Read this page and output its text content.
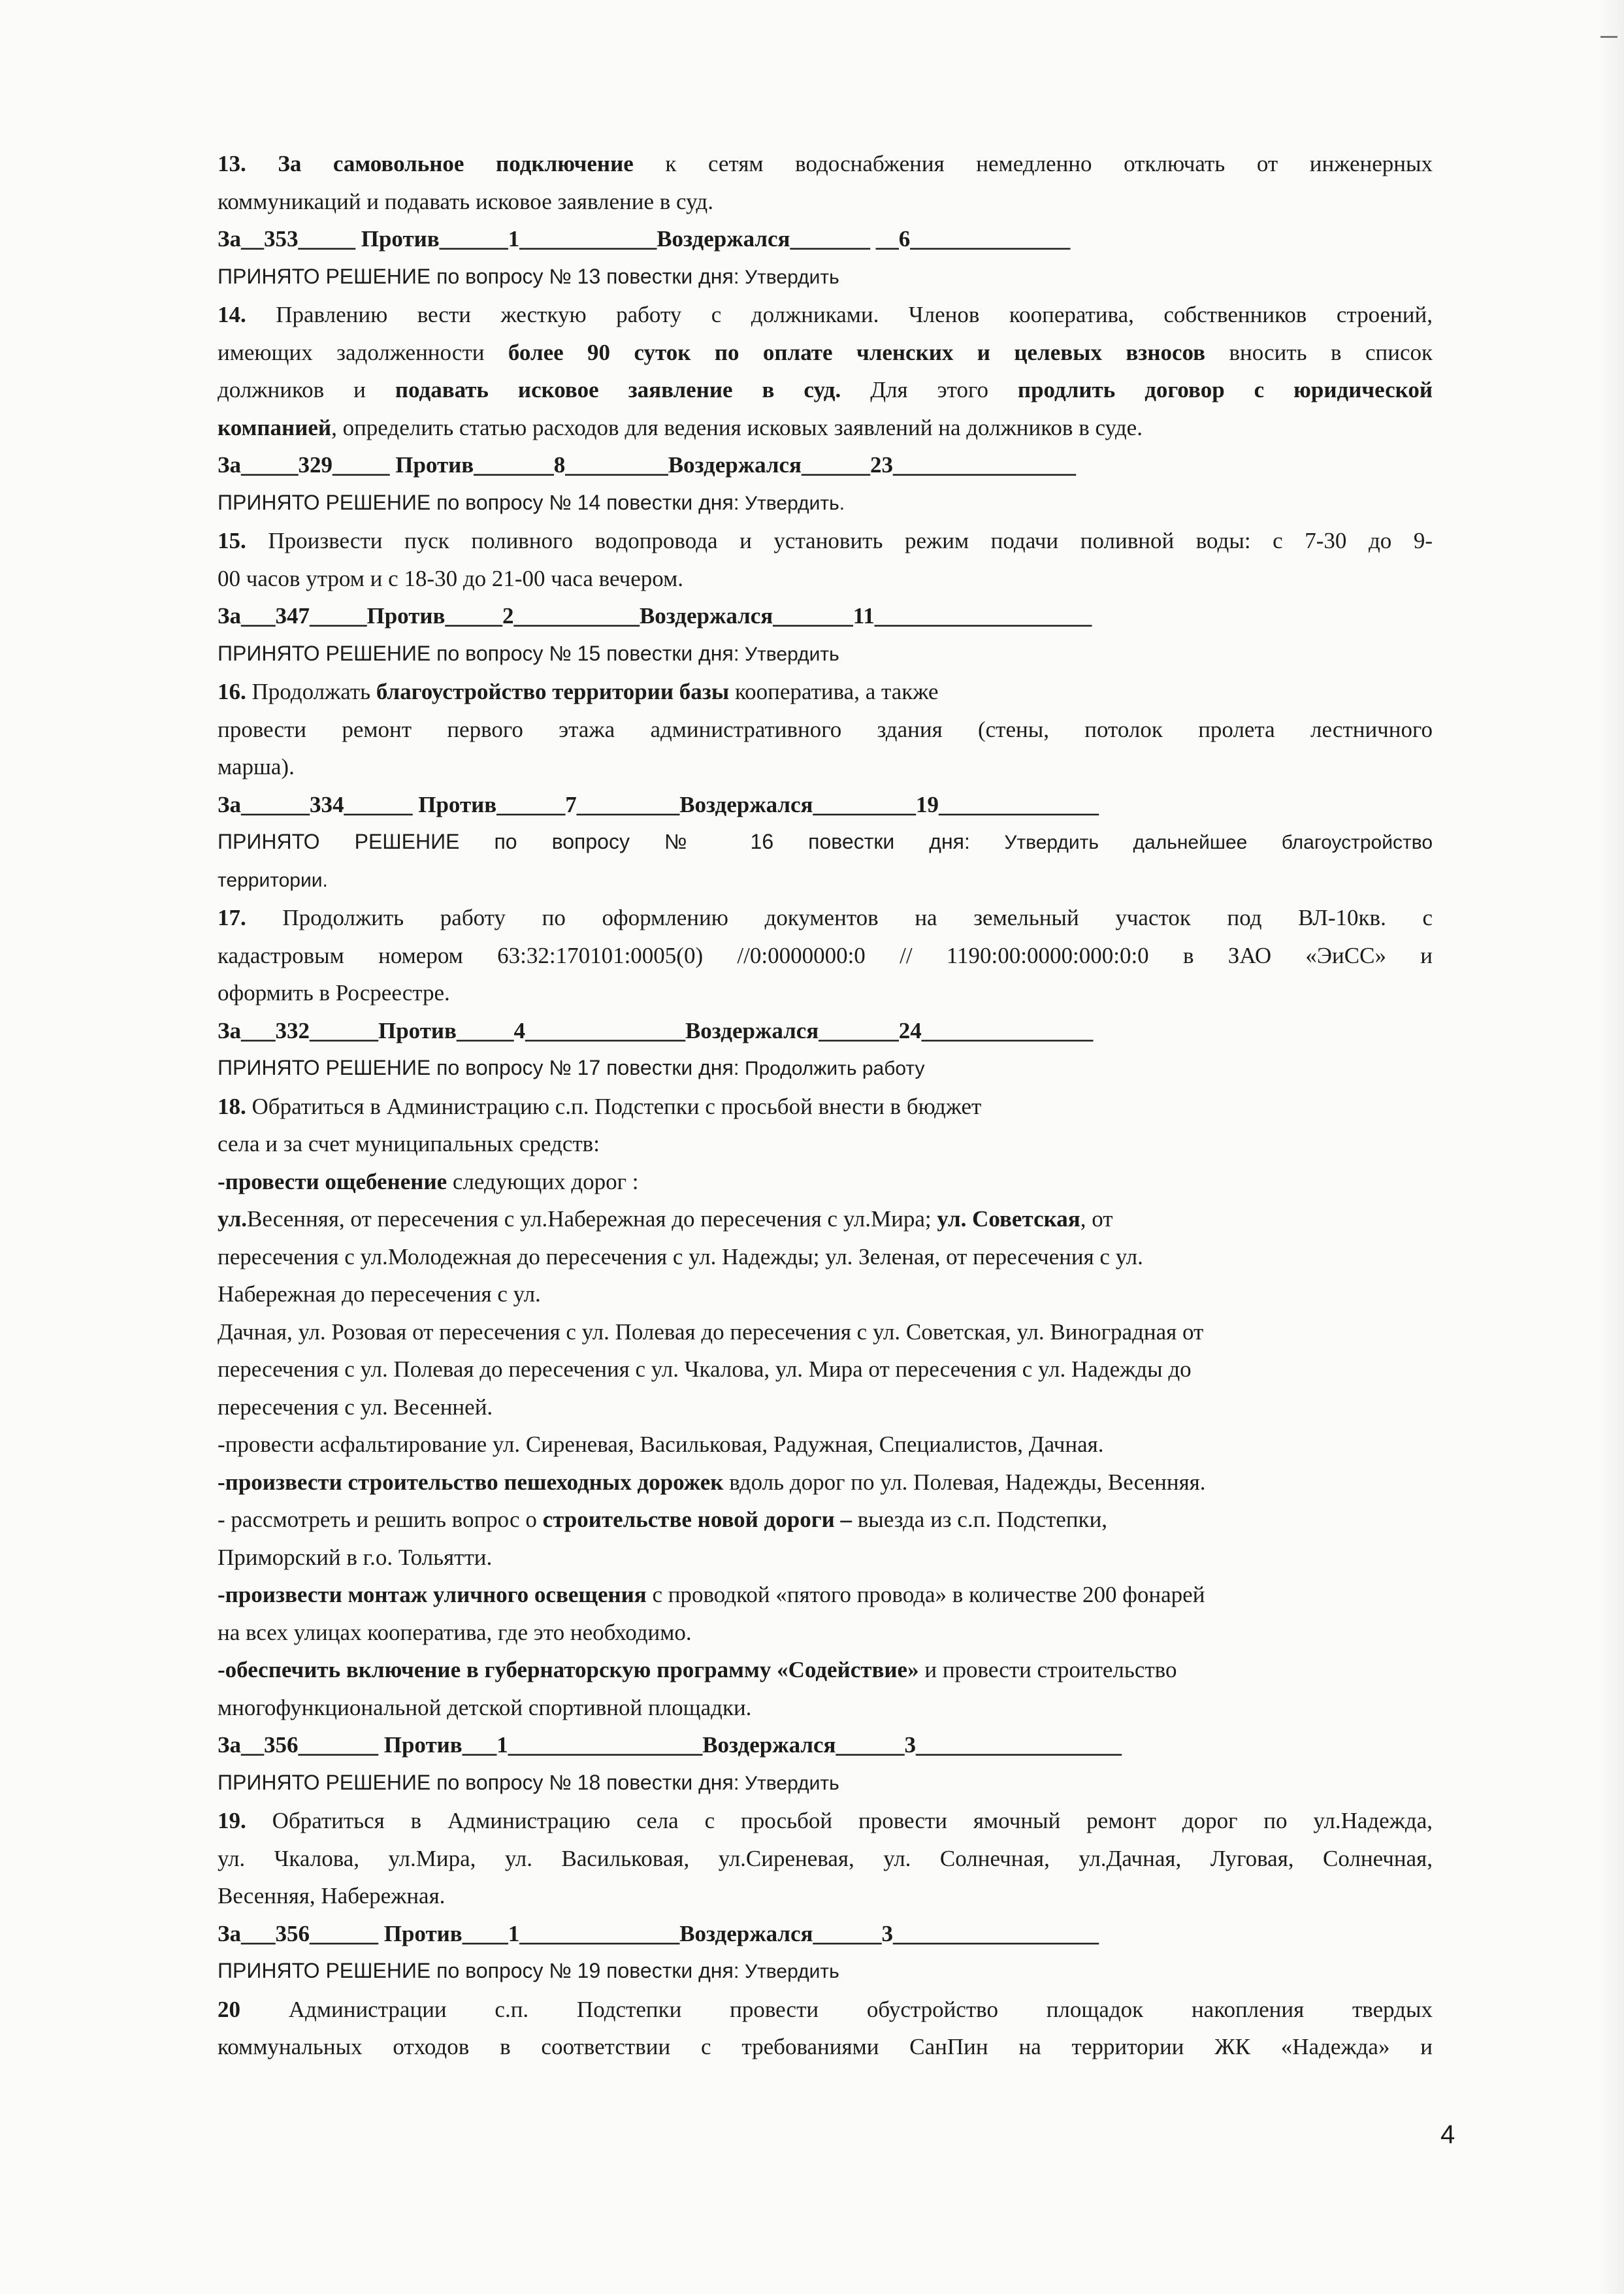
13. За самовольное подключение к сетям водоснабжения немедленно отключать от инженерных

коммуникаций и подавать исковое заявление в суд.

За__353_____ Против______1____________Воздержался_______ __6______________

ПРИНЯТО РЕШЕНИЕ по вопросу № 13 повестки дня: Утвердить

14. Правлению вести жесткую работу с должниками. Членов кооператива, собственников строений,

имеющих задолженности более 90 суток по оплате членских и целевых взносов вносить в список

должников и подавать исковое заявление в суд. Для этого продлить договор с юридической

компанией, определить статью расходов для ведения исковых заявлений на должников в суде.

За_____329_____ Против_______8_________Воздержался______23________________

ПРИНЯТО РЕШЕНИЕ по вопросу № 14 повестки дня: Утвердить.

15. Произвести пуск поливного водопровода и установить режим подачи поливной воды: с 7-30 до 9-

00 часов утром и с 18-30 до 21-00 часа вечером.

За___347_____Против_____2___________Воздержался_______11___________________

ПРИНЯТО РЕШЕНИЕ по вопросу № 15 повестки дня: Утвердить

16. Продолжать благоустройство территории базы кооператива, а также

провести ремонт первого этажа административного здания (стены, потолок пролета лестничного

марша).

За______334______ Против______7_________Воздержался_________19______________

ПРИНЯТО РЕШЕНИЕ по вопросу № 16 повестки дня: Утвердить дальнейшее благоустройство

территории.

17. Продолжить работу по оформлению документов на земельный участок под ВЛ-10кв. с

кадастровым номером 63:32:170101:0005(0) //0:0000000:0 // 1190:00:0000:000:0:0 в ЗАО «ЭиСС» и

оформить в Росреестре.

За___332______Против_____4______________Воздержался_______24_______________

ПРИНЯТО РЕШЕНИЕ по вопросу № 17 повестки дня: Продолжить работу

18. Обратиться в Администрацию с.п. Подстепки с просьбой внести в бюджет

села и за счет муниципальных средств:

-провести ощебенение следующих дорог :

ул.Весенняя, от пересечения с ул.Набережная до пересечения с ул.Мира; ул. Советская, от

пересечения с ул.Молодежная до пересечения с ул. Надежды; ул. Зеленая, от пересечения с ул.

Набережная до пересечения с ул.

Дачная, ул. Розовая от пересечения с ул. Полевая до пересечения с ул. Советская, ул. Виноградная от

пересечения с ул. Полевая до пересечения с ул. Чкалова, ул. Мира от пересечения с ул. Надежды до

пересечения с ул. Весенней.

-провести асфальтирование ул. Сиреневая, Васильковая, Радужная, Специалистов, Дачная.

-произвести строительство пешеходных дорожек вдоль дорог по ул. Полевая, Надежды, Весенняя.

- рассмотреть и решить вопрос о строительстве новой дороги – выезда из с.п. Подстепки,

Приморский в г.о. Тольятти.

-произвести монтаж уличного освещения с проводкой «пятого провода» в количестве 200 фонарей

на всех улицах кооператива, где это необходимо.

-обеспечить включение в губернаторскую программу «Содействие» и провести строительство

многофункциональной детской спортивной площадки.

За__356_______ Против___1_________________Воздержался______3__________________

ПРИНЯТО РЕШЕНИЕ по вопросу № 18 повестки дня: Утвердить

19. Обратиться в Администрацию села с просьбой провести ямочный ремонт дорог по ул.Надежда,

ул. Чкалова, ул.Мира, ул. Васильковая, ул.Сиреневая, ул. Солнечная, ул.Дачная, Луговая, Солнечная,

Весенняя, Набережная.

За___356______ Против____1______________Воздержался______3__________________

ПРИНЯТО РЕШЕНИЕ по вопросу № 19 повестки дня: Утвердить

20 Администрации с.п. Подстепки провести обустройство площадок накопления твердых

коммунальных отходов в соответствии с требованиями СанПин на территории ЖК «Надежда» и

4
